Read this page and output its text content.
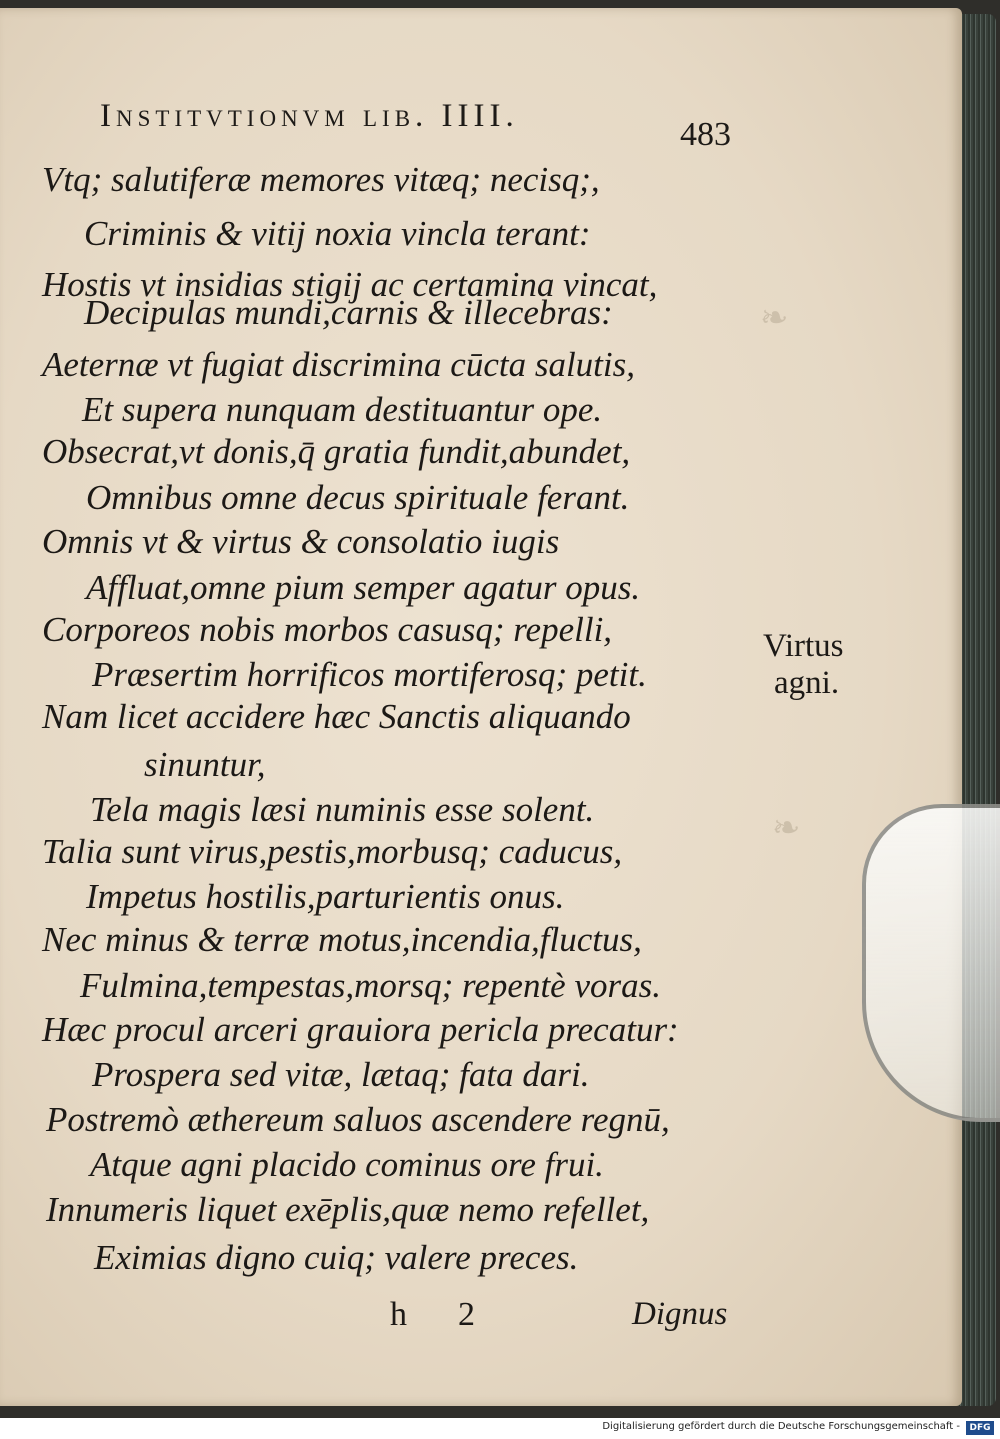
❧
❧
Institvtionvm lib. IIII.	483
Vtq; salutiferæ memores vitæq; necisq;,
Criminis & vitij noxia vincla terant:
Hostis vt insidias stigij ac certamina vincat,
Decipulas mundi,carnis & illecebras:
Aeternæ vt fugiat discrimina cūcta salutis,
Et supera nunquam destituantur ope.
Obsecrat,vt donis,q̄ gratia fundit,abundet,
Omnibus omne decus spirituale ferant.
Omnis vt & virtus & consolatio iugis
Affluat,omne pium semper agatur opus.
Corporeos nobis morbos casusq; repelli,
Præsertim horrificos mortiferosq; petit.
Nam licet accidere hæc Sanctis aliquando
sinuntur,
Tela magis læsi numinis esse solent.
Talia sunt virus,pestis,morbusq; caducus,
Impetus hostilis,parturientis onus.
Nec minus & terræ motus,incendia,fluctus,
Fulmina,tempestas,morsq; repentè voras.
Hæc procul arceri grauiora pericla precatur:
Prospera sed vitæ, lætaq; fata dari.
Postremò æthereum saluos ascendere regnū,
Atque agni placido cominus ore frui.
Innumeris liquet exēplis,quæ nemo refellet,
Eximias digno cuiq; valere preces.
Virtus
agni.
h 2	Dignus
Digitalisierung gefördert durch die Deutsche Forschungsgemeinschaft -	DFG
